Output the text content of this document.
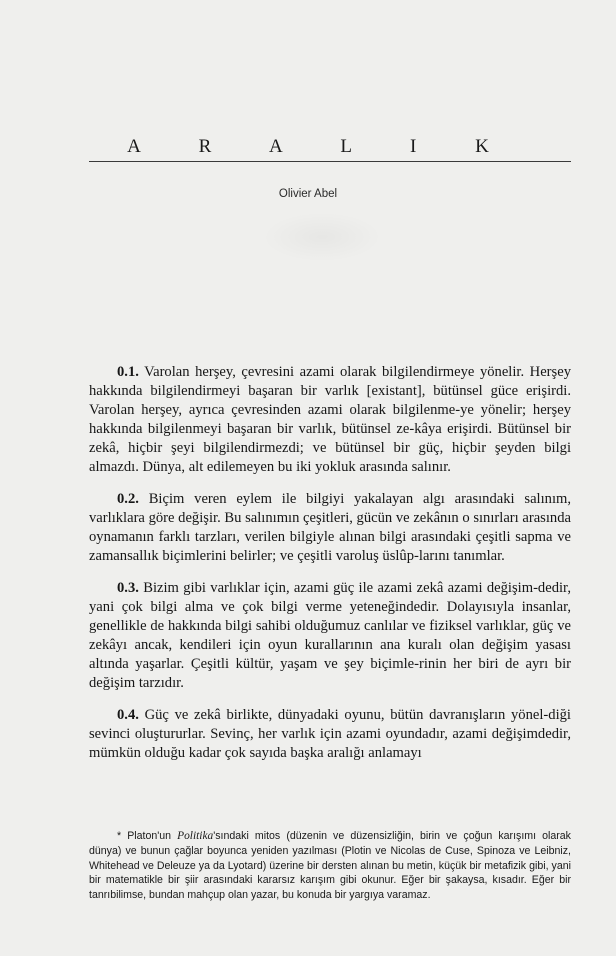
A R A L I K
Olivier Abel

0.1. Varolan herşey, çevresini azami olarak bilgilendirmeye yönelir. Herşey hakkında bilgilendirmeyi başaran bir varlık [existant], bütünsel güce erişirdi. Varolan herşey, ayrıca çevresinden azami olarak bilgilenme-ye yönelir; herşey hakkında bilgilenmeyi başaran bir varlık, bütünsel ze-kâya erişirdi. Bütünsel bir zekâ, hiçbir şeyi bilgilendirmezdi; ve bütünsel bir güç, hiçbir şeyden bilgi almazdı. Dünya, alt edilemeyen bu iki yokluk arasında salınır.

0.2. Biçim veren eylem ile bilgiyi yakalayan algı arasındaki salınım, varlıklara göre değişir. Bu salınımın çeşitleri, gücün ve zekânın o sınırları arasında oynamanın farklı tarzları, verilen bilgiyle alınan bilgi arasındaki çeşitli sapma ve zamansallık biçimlerini belirler; ve çeşitli varoluş üslûp-larını tanımlar.

0.3. Bizim gibi varlıklar için, azami güç ile azami zekâ azami değişim-dedir, yani çok bilgi alma ve çok bilgi verme yeteneğindedir. Dolayısıyla insanlar, genellikle de hakkında bilgi sahibi olduğumuz canlılar ve fiziksel varlıklar, güç ve zekâyı ancak, kendileri için oyun kurallarının ana kuralı olan değişim yasası altında yaşarlar. Çeşitli kültür, yaşam ve şey biçimle-rinin her biri de ayrı bir değişim tarzıdır.

0.4. Güç ve zekâ birlikte, dünyadaki oyunu, bütün davranışların yönel-diği sevinci oluştururlar. Sevinç, her varlık için azami oyundadır, azami değişimdedir, mümkün olduğu kadar çok sayıda başka aralığı anlamayı

* Platon'un Politika'sındaki mitos (düzenin ve düzensizliğin, birin ve çoğun karışımı olarak dünya) ve bunun çağlar boyunca yeniden yazılması (Plotin ve Nicolas de Cuse, Spinoza ve Leibniz, Whitehead ve Deleuze ya da Lyotard) üzerine bir dersten alınan bu metin, küçük bir metafizik gibi, yani bir matematikle bir şiir arasındaki kararsız karışım gibi okunur. Eğer bir şakaysa, kısadır. Eğer bir tanrıbilimse, bundan mahçup olan yazar, bu konuda bir yargıya varamaz.
